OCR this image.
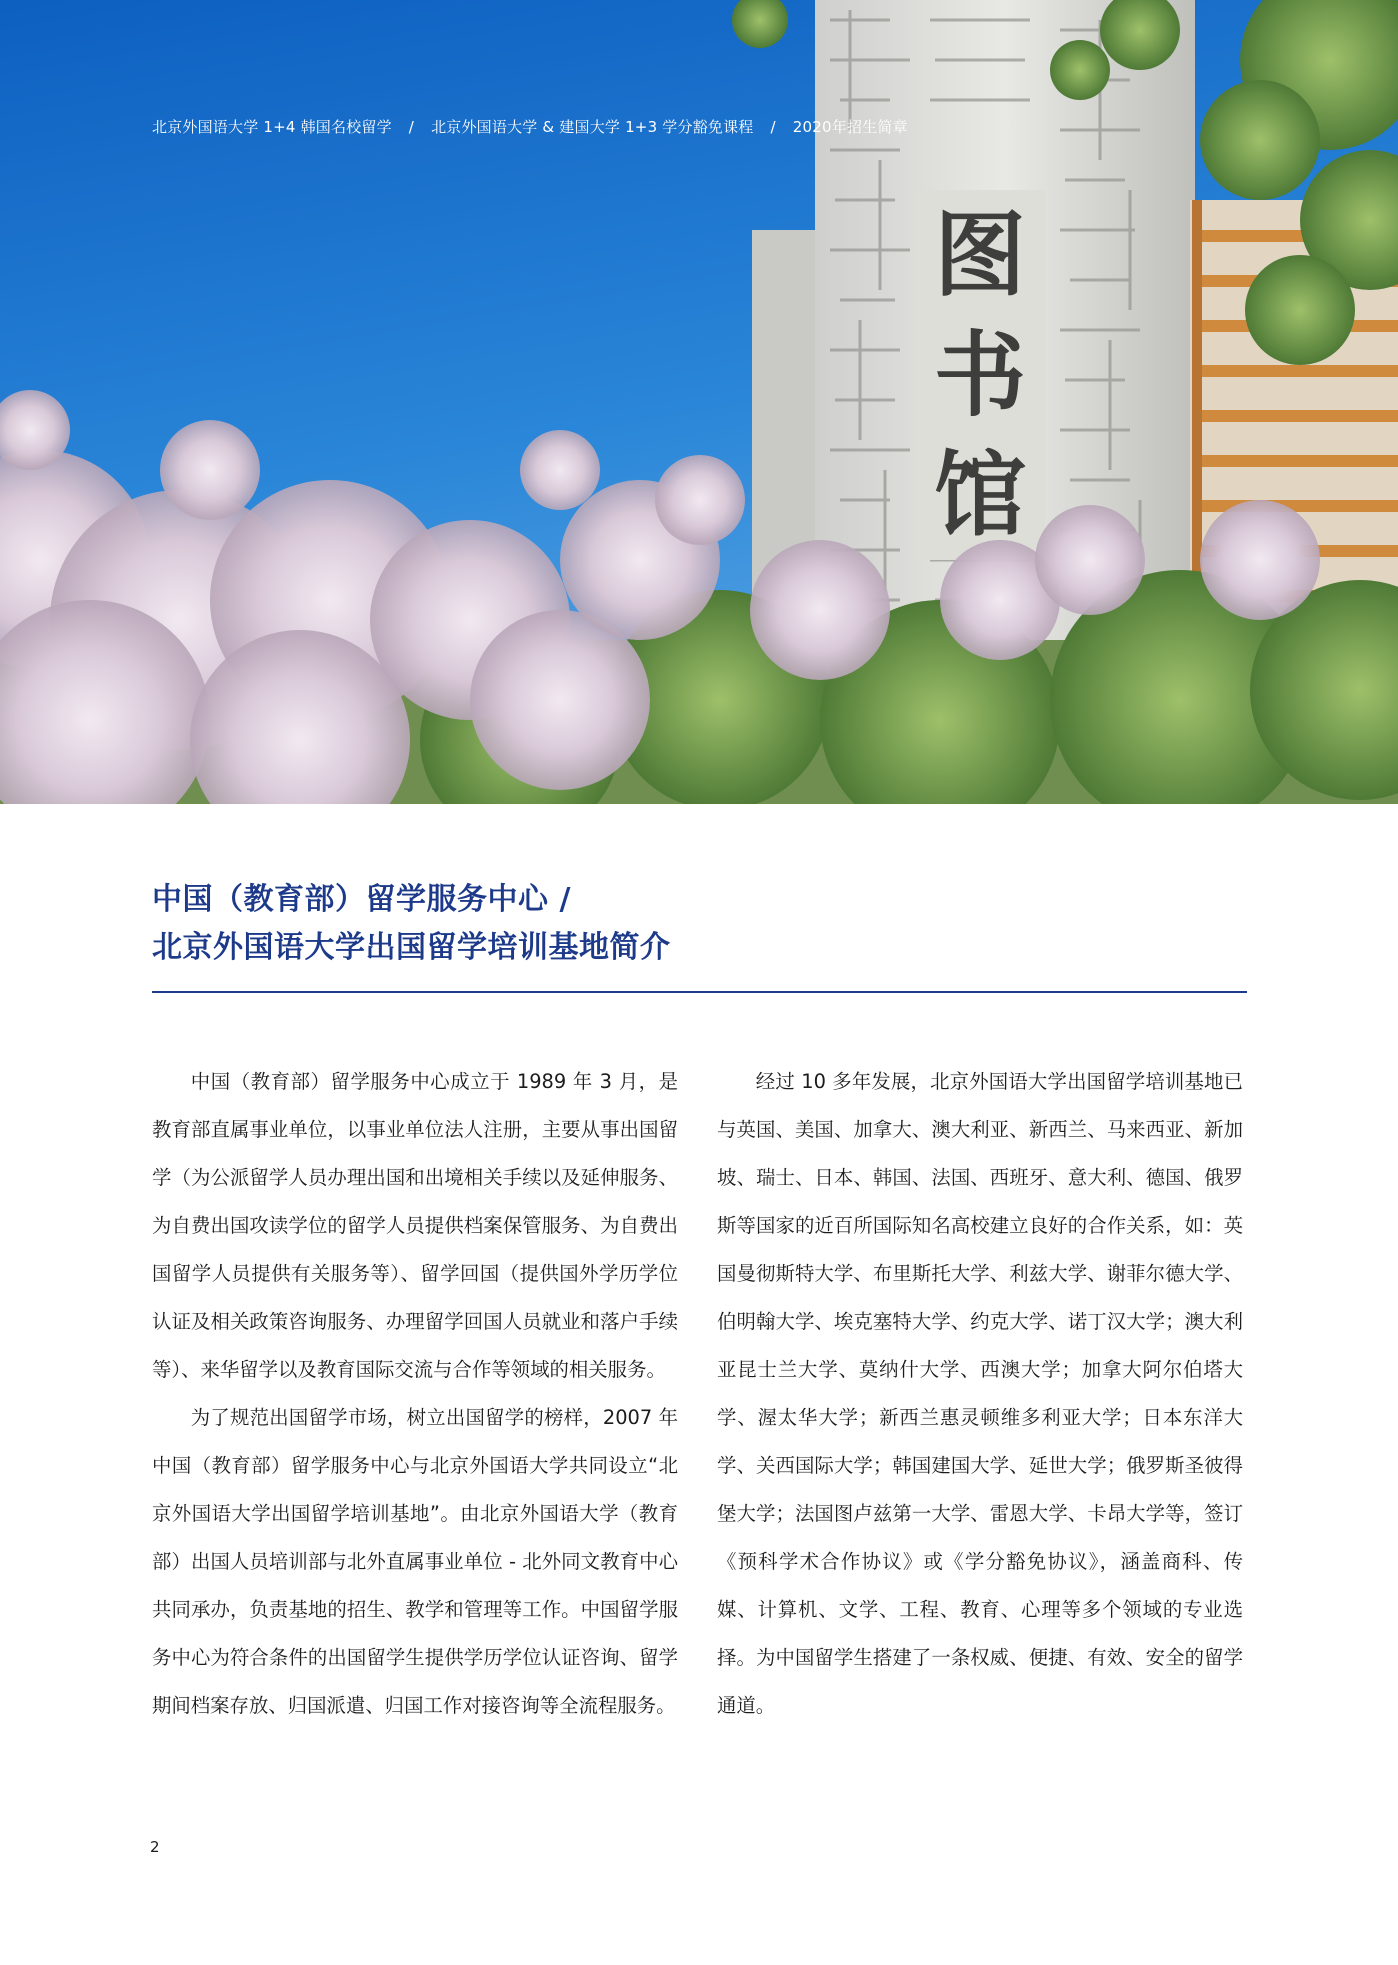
图书馆
北京外国语大学 1+4 韩国名校留学 / 北京外国语大学 & 建国大学 1+3 学分豁免课程 / 2020年招生简章
中国（教育部）留学服务中心 /
北京外国语大学出国留学培训基地简介

中国（教育部）留学服务中心成立于 1989 年 3 月，是教育部直属事业单位，以事业单位法人注册，主要从事出国留学（为公派留学人员办理出国和出境相关手续以及延伸服务、为自费出国攻读学位的留学人员提供档案保管服务、为自费出国留学人员提供有关服务等）、留学回国（提供国外学历学位认证及相关政策咨询服务、办理留学回国人员就业和落户手续等）、来华留学以及教育国际交流与合作等领域的相关服务。

为了规范出国留学市场，树立出国留学的榜样，2007 年中国（教育部）留学服务中心与北京外国语大学共同设立“北京外国语大学出国留学培训基地”。由北京外国语大学（教育部）出国人员培训部与北外直属事业单位 - 北外同文教育中心共同承办，负责基地的招生、教学和管理等工作。中国留学服务中心为符合条件的出国留学生提供学历学位认证咨询、留学期间档案存放、归国派遣、归国工作对接咨询等全流程服务。

经过 10 多年发展，北京外国语大学出国留学培训基地已与英国、美国、加拿大、澳大利亚、新西兰、马来西亚、新加坡、瑞士、日本、韩国、法国、西班牙、意大利、德国、俄罗斯等国家的近百所国际知名高校建立良好的合作关系，如：英国曼彻斯特大学、布里斯托大学、利兹大学、谢菲尔德大学、伯明翰大学、埃克塞特大学、约克大学、诺丁汉大学；澳大利亚昆士兰大学、莫纳什大学、西澳大学；加拿大阿尔伯塔大学、渥太华大学；新西兰惠灵顿维多利亚大学；日本东洋大学、关西国际大学；韩国建国大学、延世大学；俄罗斯圣彼得堡大学；法国图卢兹第一大学、雷恩大学、卡昂大学等，签订《预科学术合作协议》或《学分豁免协议》，涵盖商科、传媒、计算机、文学、工程、教育、心理等多个领域的专业选择。为中国留学生搭建了一条权威、便捷、有效、安全的留学通道。

2
